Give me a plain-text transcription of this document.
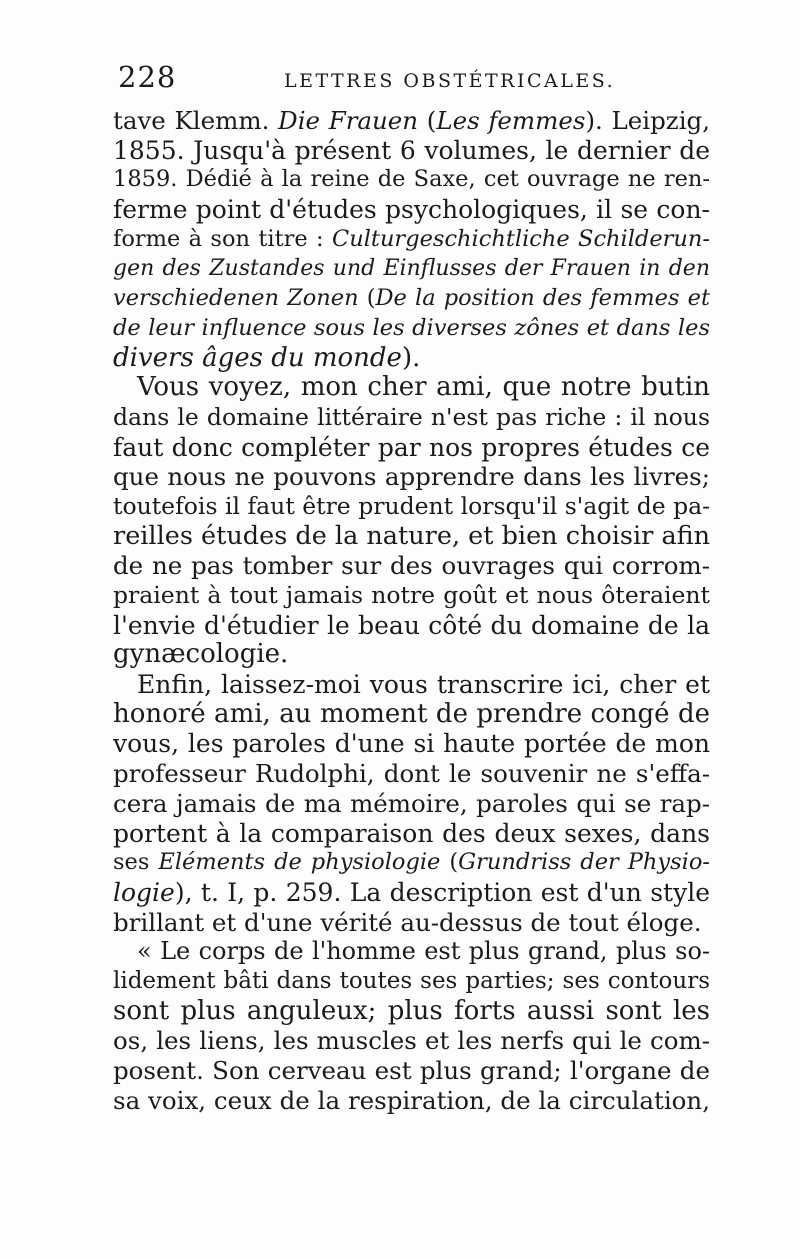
228	LETTRES OBSTÉTRICALES.
tave Klemm. Die Frauen (Les femmes). Leipzig,
1855. Jusqu'à présent 6 volumes, le dernier de
1859. Dédié à la reine de Saxe, cet ouvrage ne ren-
ferme point d'études psychologiques, il se con-
forme à son titre : Culturgeschichtliche Schilderun-
gen des Zustandes und Einflusses der Frauen in den
verschiedenen Zonen (De la position des femmes et
de leur influence sous les diverses zônes et dans les
divers âges du monde).
Vous voyez, mon cher ami, que notre butin
dans le domaine littéraire n'est pas riche : il nous
faut donc compléter par nos propres études ce
que nous ne pouvons apprendre dans les livres;
toutefois il faut être prudent lorsqu'il s'agit de pa-
reilles études de la nature, et bien choisir afin
de ne pas tomber sur des ouvrages qui corrom-
praient à tout jamais notre goût et nous ôteraient
l'envie d'étudier le beau côté du domaine de la
gynæcologie.
Enfin, laissez-moi vous transcrire ici, cher et
honoré ami, au moment de prendre congé de
vous, les paroles d'une si haute portée de mon
professeur Rudolphi, dont le souvenir ne s'effa-
cera jamais de ma mémoire, paroles qui se rap-
portent à la comparaison des deux sexes, dans
ses Eléments de physiologie (Grundriss der Physio-
logie), t. I, p. 259. La description est d'un style
brillant et d'une vérité au-dessus de tout éloge.
« Le corps de l'homme est plus grand, plus so-
lidement bâti dans toutes ses parties; ses contours
sont plus anguleux; plus forts aussi sont les
os, les liens, les muscles et les nerfs qui le com-
posent. Son cerveau est plus grand; l'organe de
sa voix, ceux de la respiration, de la circulation,
